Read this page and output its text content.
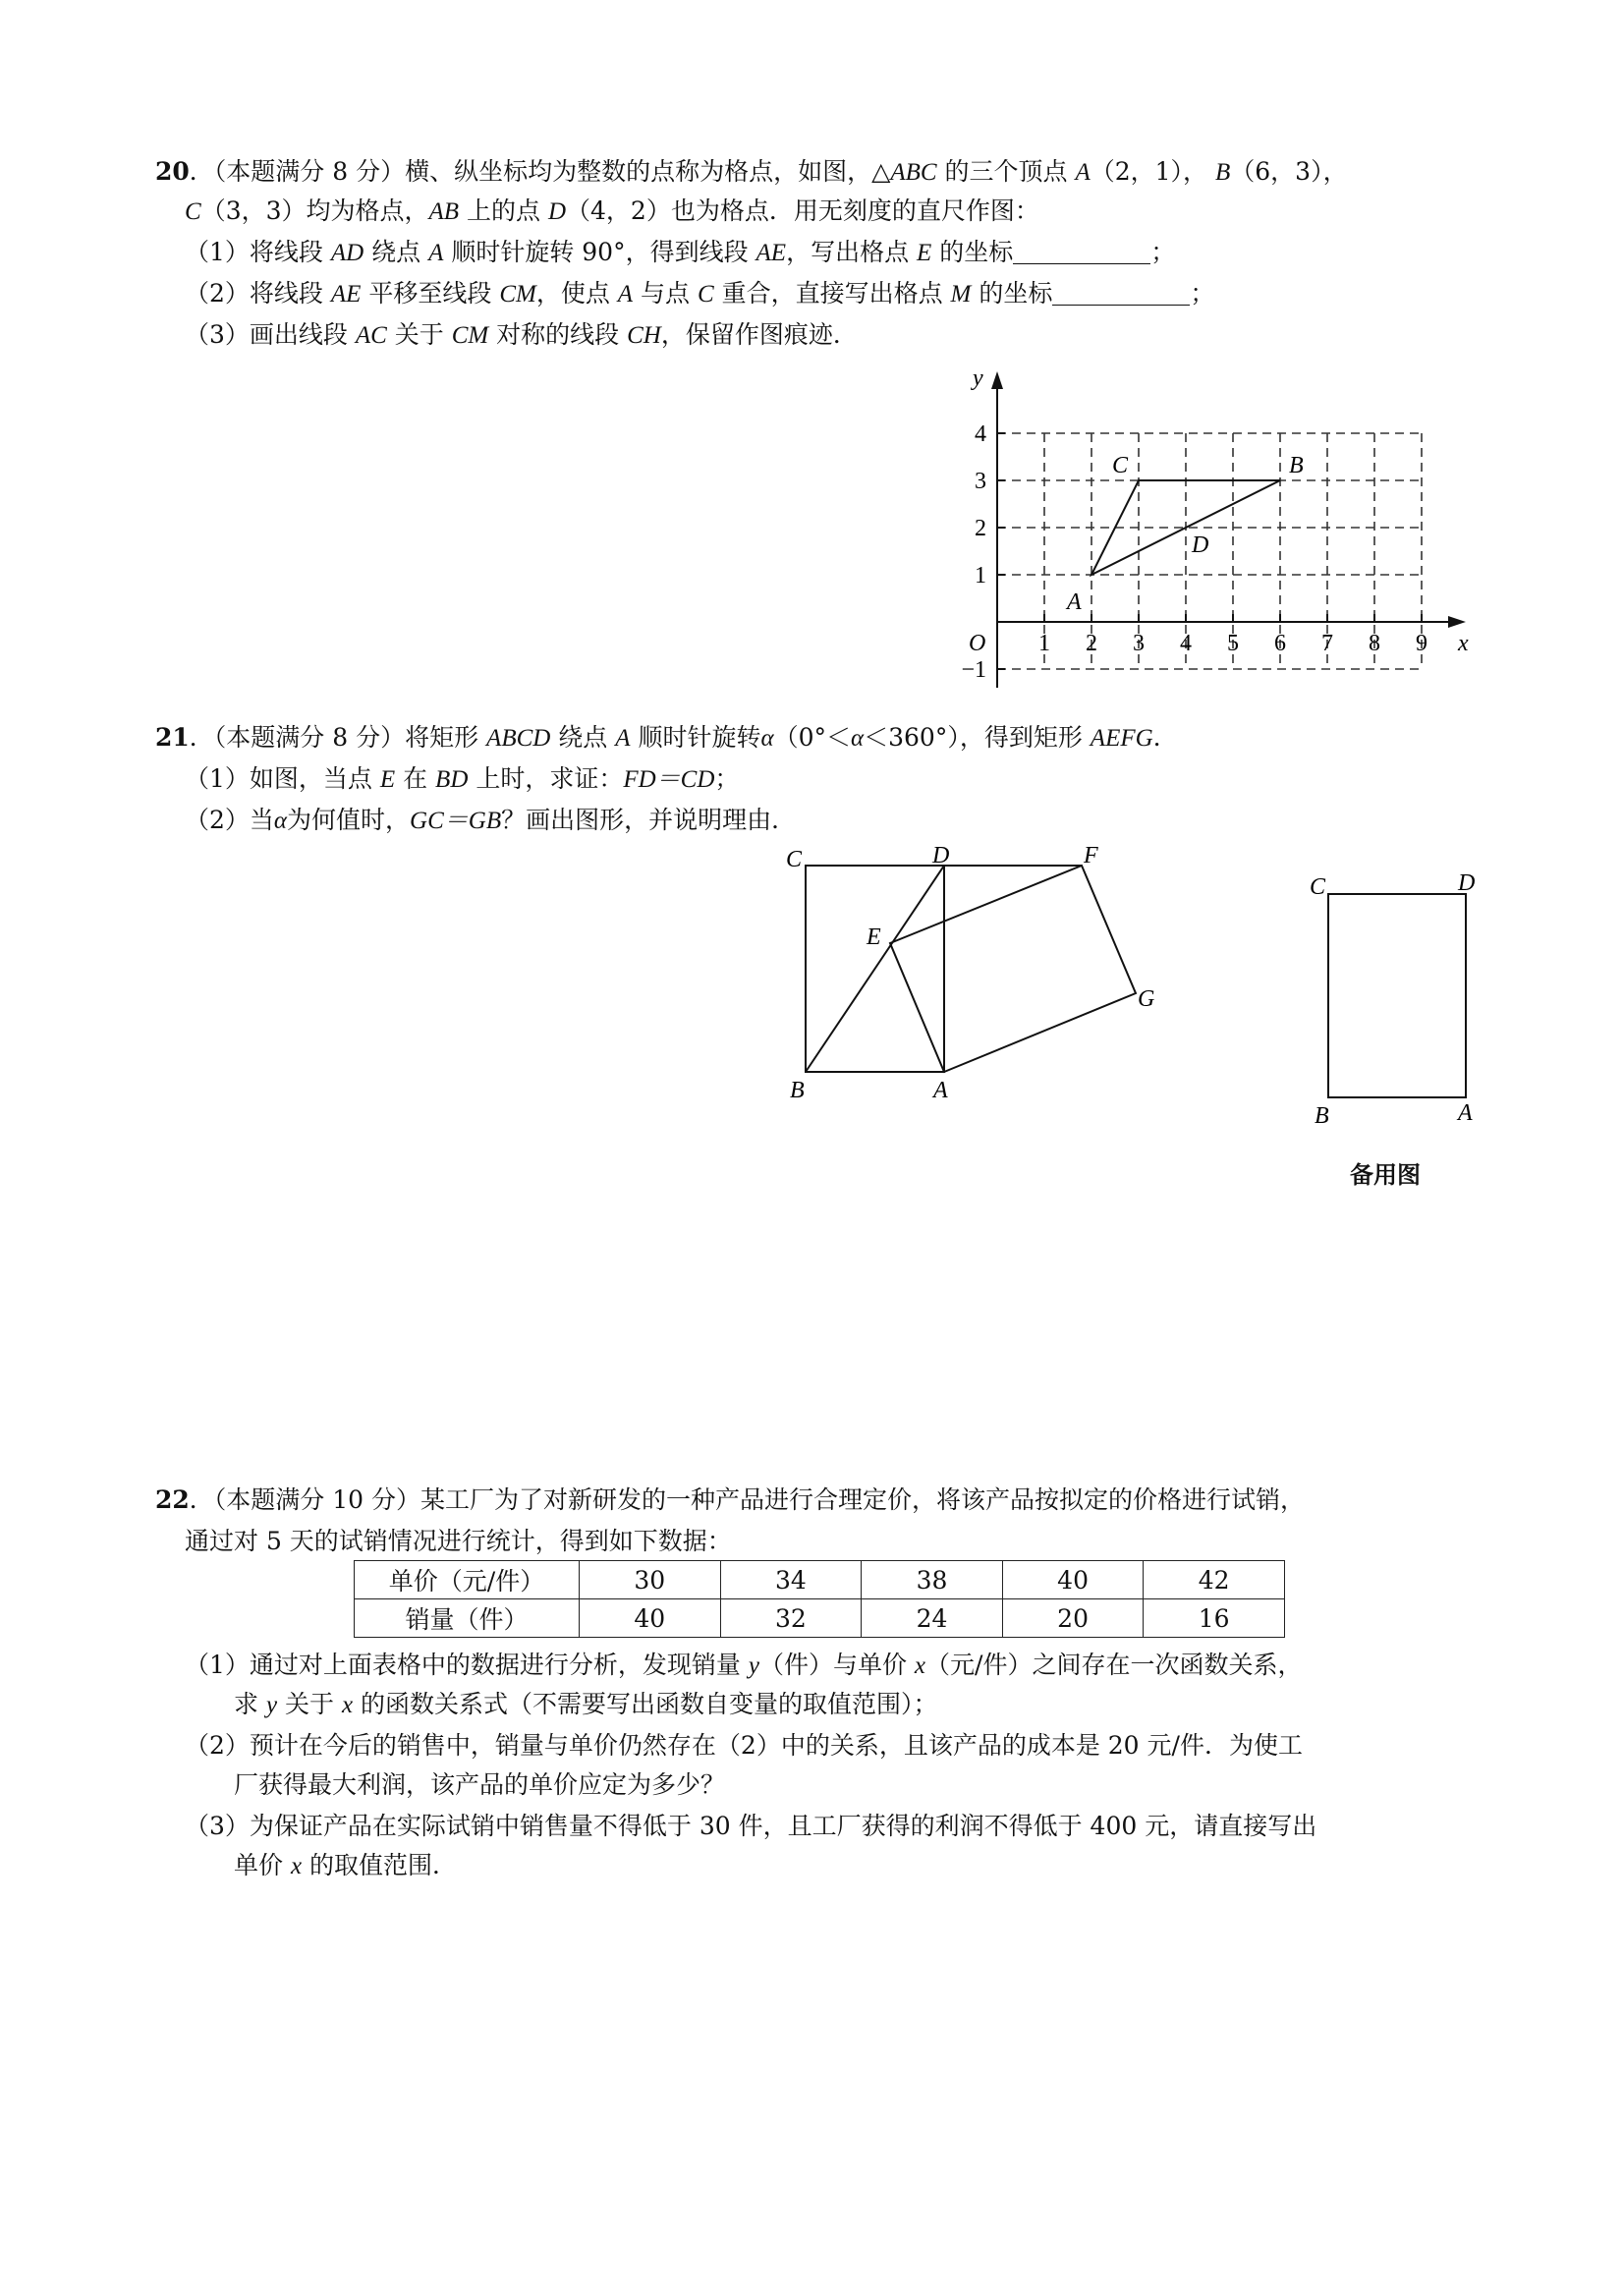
20．（本题满分 8 分）横、纵坐标均为整数的点称为格点，如图，△ABC 的三个顶点 A（2，1）， B（6，3），
C（3，3）均为格点，AB 上的点 D（4，2）也为格点．用无刻度的直尺作图：
（1）将线段 AD 绕点 A 顺时针旋转 90°，得到线段 AE，写出格点 E 的坐标	；
（2）将线段 AE 平移至线段 CM，使点 A 与点 C 重合，直接写出格点 M 的坐标	；
（3）画出线段 AC 关于 CM 对称的线段 CH，保留作图痕迹．
y
x
O 1 2 3 4 5 6 7 8 9
4
3
2
1
−1
A
B
C
D
21．（本题满分 8 分）将矩形 ABCD 绕点 A 顺时针旋转α（0°＜α＜360°），得到矩形 AEFG.
（1）如图，当点 E 在 BD 上时，求证：FD＝CD；
（2）当α为何值时，GC＝GB？画出图形，并说明理由．
C	D	F
E
G
B	A
C	D
B	A
备用图
22．（本题满分 10 分）某工厂为了对新研发的一种产品进行合理定价，将该产品按拟定的价格进行试销，
通过对 5 天的试销情况进行统计，得到如下数据：
单价（元/件）	30	34	38	40	42
销量（件）	40	32	24	20	16
（1）通过对上面表格中的数据进行分析，发现销量 y（件）与单价 x（元/件）之间存在一次函数关系，
求 y 关于 x 的函数关系式（不需要写出函数自变量的取值范围）；
（2）预计在今后的销售中，销量与单价仍然存在（2）中的关系，且该产品的成本是 20 元/件．为使工
厂获得最大利润，该产品的单价应定为多少？
（3）为保证产品在实际试销中销售量不得低于 30 件，且工厂获得的利润不得低于 400 元，请直接写出
单价 x 的取值范围．
